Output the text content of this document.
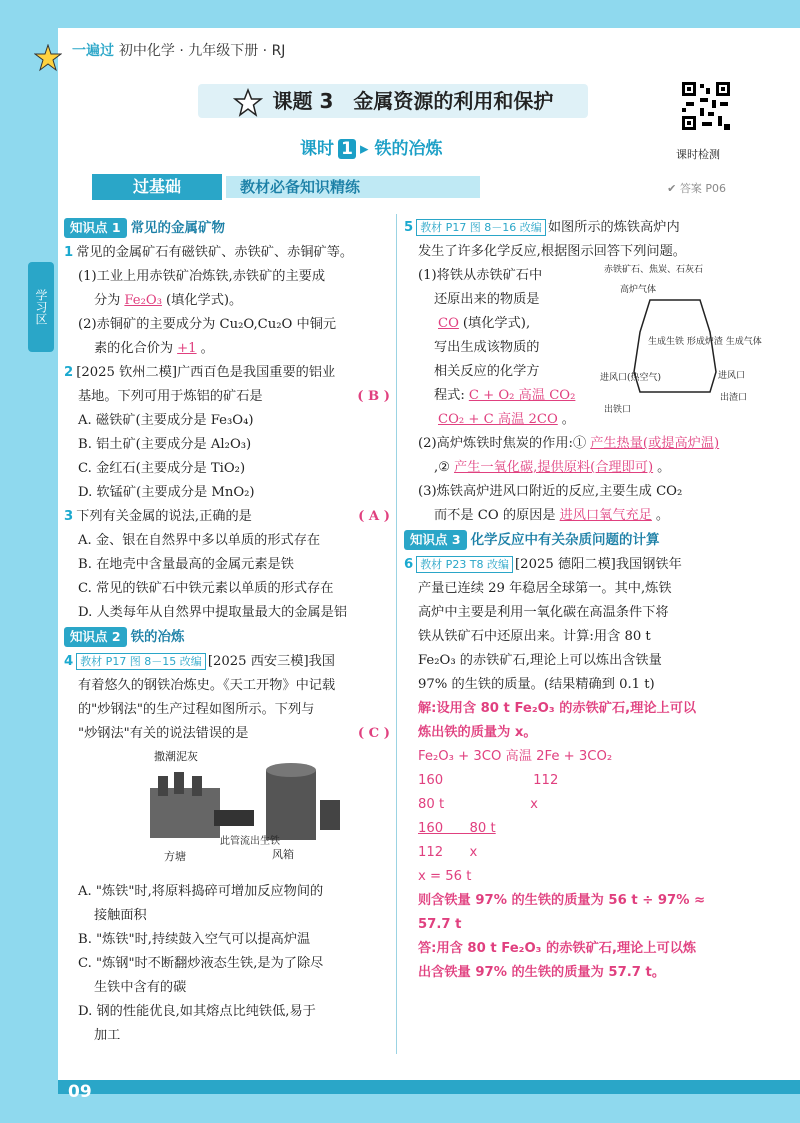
一遍过 初中化学 · 九年级下册 · RJ
学习区
课题 3　金属资源的利用和保护
课时检测
课时 1 ▸ 铁的冶炼
过基础	教材必备知识精练	✔ 答案 P06
知识点 1 常见的金属矿物
1 常见的金属矿石有磁铁矿、赤铁矿、赤铜矿等。
(1)工业上用赤铁矿冶炼铁,赤铁矿的主要成
分为 Fe₂O₃ (填化学式)。
(2)赤铜矿的主要成分为 Cu₂O,Cu₂O 中铜元
素的化合价为 +1 。
2 [2025 钦州二模]广西百色是我国重要的铝业
基地。下列可用于炼铝的矿石是	( B )
A. 磁铁矿(主要成分是 Fe₃O₄)
B. 铝土矿(主要成分是 Al₂O₃)
C. 金红石(主要成分是 TiO₂)
D. 软锰矿(主要成分是 MnO₂)
3 下列有关金属的说法,正确的是	( A )
A. 金、银在自然界中多以单质的形式存在
B. 在地壳中含量最高的金属元素是铁
C. 常见的铁矿石中铁元素以单质的形式存在
D. 人类每年从自然界中提取量最大的金属是铝
知识点 2 铁的冶炼
4 教材 P17 图 8－15 改编 [2025 西安三模]我国
有着悠久的钢铁冶炼史。《天工开物》中记载
的"炒钢法"的生产过程如图所示。下列与
"炒钢法"有关的说法错误的是	( C )
撒潮泥灰
方塘
此管流出生铁
风箱
A. "炼铁"时,将原料捣碎可增加反应物间的
接触面积
B. "炼铁"时,持续鼓入空气可以提高炉温
C. "炼钢"时不断翻炒液态生铁,是为了除尽
生铁中含有的碳
D. 钢的性能优良,如其熔点比纯铁低,易于
加工
5 教材 P17 图 8－16 改编 如图所示的炼铁高炉内
发生了许多化学反应,根据图示回答下列问题。
(1)将铁从赤铁矿石中
还原出来的物质是
CO (填化学式),
写出生成该物质的
相关反应的化学方
程式: C + O₂ 高温 CO₂
CO₂ + C 高温 2CO 。
(2)高炉炼铁时焦炭的作用:① 产生热量(或提高炉温)
,② 产生一氧化碳,提供原料(合理即可) 。
(3)炼铁高炉进风口附近的反应,主要生成 CO₂
而不是 CO 的原因是 进风口氧气充足 。
知识点 3 化学反应中有关杂质问题的计算
6 教材 P23 T8 改编 [2025 德阳二模]我国钢铁年
产量已连续 29 年稳居全球第一。其中,炼铁
高炉中主要是利用一氧化碳在高温条件下将
铁从铁矿石中还原出来。计算:用含 80 t
Fe₂O₃ 的赤铁矿石,理论上可以炼出含铁量
97% 的生铁的质量。(结果精确到 0.1 t)
解:设用含 80 t Fe₂O₃ 的赤铁矿石,理论上可以
炼出铁的质量为 x。
Fe₂O₃ + 3CO 高温 2Fe + 3CO₂
160	112
80 t	x
160　　80 t
112　　x
x = 56 t
则含铁量 97% 的生铁的质量为 56 t ÷ 97% ≈
57.7 t
答:用含 80 t Fe₂O₃ 的赤铁矿石,理论上可以炼
出含铁量 97% 的生铁的质量为 57.7 t。
赤铁矿石、焦炭、石灰石
高炉气体
生成生铁 形成炉渣 生成气体
进风口(热空气)	进风口
出铁口
出渣口
09
